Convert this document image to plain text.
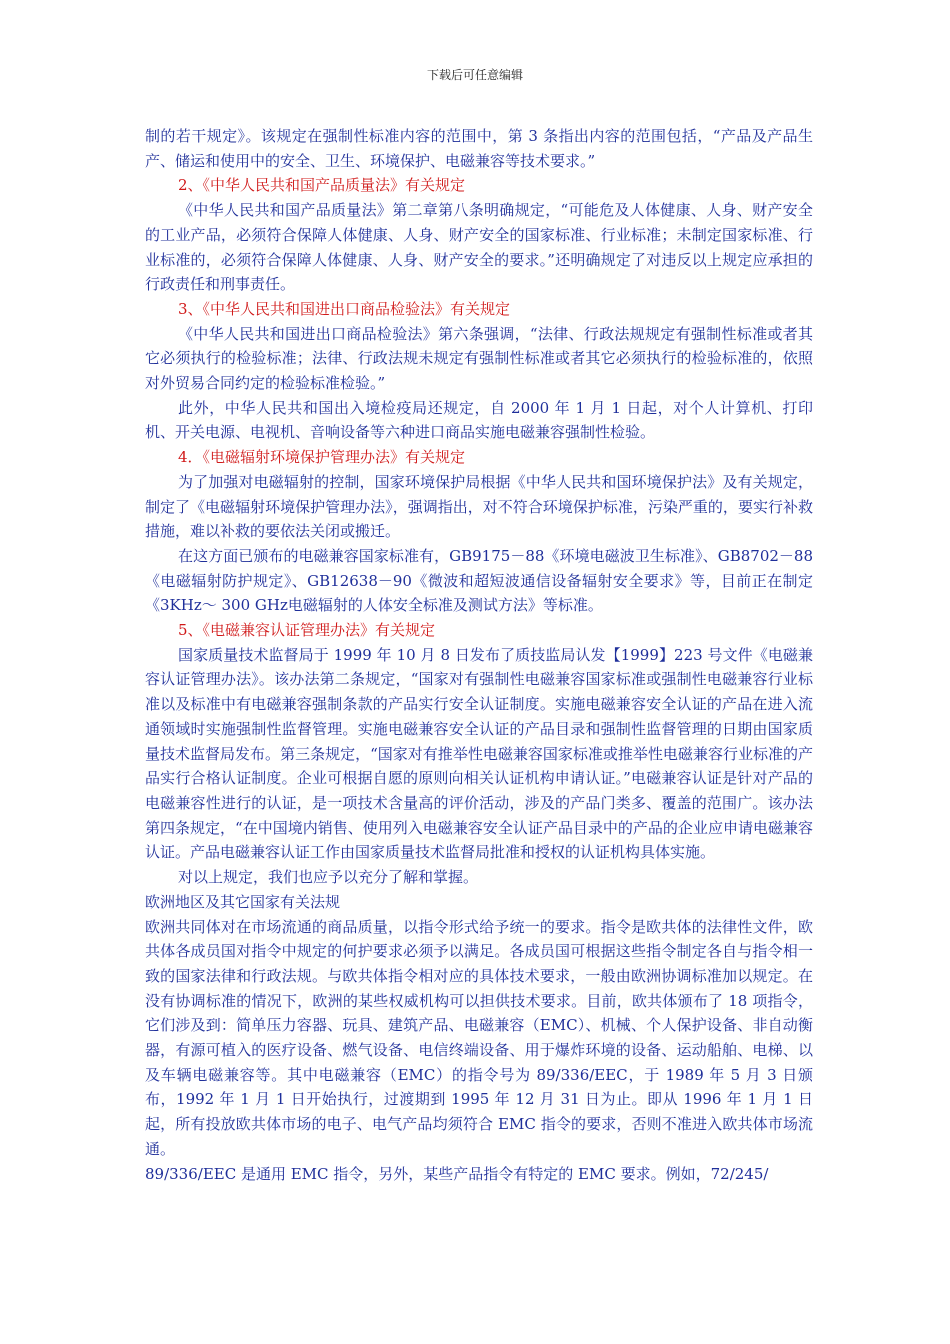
下载后可任意编辑

制的若干规定》。该规定在强制性标准内容的范围中，第 3 条指出内容的范围包括，“产品及产品生产、储运和使用中的安全、卫生、环境保护、电磁兼容等技术要求。”

2、《中华人民共和国产品质量法》有关规定

《中华人民共和国产品质量法》第二章第八条明确规定，“可能危及人体健康、人身、财产安全的工业产品，必须符合保障人体健康、人身、财产安全的国家标准、行业标准；未制定国家标准、行业标准的，必须符合保障人体健康、人身、财产安全的要求。”还明确规定了对违反以上规定应承担的行政责任和刑事责任。

3、《中华人民共和国进出口商品检验法》有关规定

《中华人民共和国进出口商品检验法》第六条强调，“法律、行政法规规定有强制性标准或者其它必须执行的检验标准；法律、行政法规未规定有强制性标准或者其它必须执行的检验标准的，依照对外贸易合同约定的检验标准检验。”

此外，中华人民共和国出入境检疫局还规定，自 2000 年 1 月 1 日起，对个人计算机、打印机、开关电源、电视机、音响设备等六种进口商品实施电磁兼容强制性检验。

4．《电磁辐射环境保护管理办法》有关规定

为了加强对电磁辐射的控制，国家环境保护局根据《中华人民共和国环境保护法》及有关规定，制定了《电磁辐射环境保护管理办法》，强调指出，对不符合环境保护标准，污染严重的，要实行补救措施，难以补救的要依法关闭或搬迁。

在这方面已颁布的电磁兼容国家标准有，GB9175－88《环境电磁波卫生标准》、GB8702－88《电磁辐射防护规定》、GB12638－90《微波和超短波通信设备辐射安全要求》等，目前正在制定《3KHz～ 300 GHz电磁辐射的人体安全标准及测试方法》等标准。

5、《电磁兼容认证管理办法》有关规定

国家质量技术监督局于 1999 年 10 月 8 日发布了质技监局认发【1999】223 号文件《电磁兼容认证管理办法》。该办法第二条规定，“国家对有强制性电磁兼容国家标准或强制性电磁兼容行业标准以及标准中有电磁兼容强制条款的产品实行安全认证制度。实施电磁兼容安全认证的产品在进入流通领域时实施强制性监督管理。实施电磁兼容安全认证的产品目录和强制性监督管理的日期由国家质量技术监督局发布。第三条规定，“国家对有推举性电磁兼容国家标准或推举性电磁兼容行业标准的产品实行合格认证制度。企业可根据自愿的原则向相关认证机构申请认证。”电磁兼容认证是针对产品的电磁兼容性进行的认证，是一项技术含量高的评价活动，涉及的产品门类多、覆盖的范围广。该办法第四条规定，“在中国境内销售、使用列入电磁兼容安全认证产品目录中的产品的企业应申请电磁兼容认证。产品电磁兼容认证工作由国家质量技术监督局批准和授权的认证机构具体实施。

对以上规定，我们也应予以充分了解和掌握。

欧洲地区及其它国家有关法规

欧洲共同体对在市场流通的商品质量，以指令形式给予统一的要求。指令是欧共体的法律性文件，欧共体各成员国对指令中规定的何护要求必须予以满足。各成员国可根据这些指令制定各自与指令相一致的国家法律和行政法规。与欧共体指令相对应的具体技术要求，一般由欧洲协调标准加以规定。在没有协调标准的情况下，欧洲的某些权威机构可以担供技术要求。目前，欧共体颁布了 18 项指令，它们涉及到：简单压力容器、玩具、建筑产品、电磁兼容（EMC）、机械、个人保护设备、非自动衡器，有源可植入的医疗设备、燃气设备、电信终端设备、用于爆炸环境的设备、运动船舶、电梯、以及车辆电磁兼容等。其中电磁兼容（EMC）的指令号为 89/336/EEC，于 1989 年 5 月 3 日颁布，1992 年 1 月 1 日开始执行，过渡期到 1995 年 12 月 31 日为止。即从 1996 年 1 月 1 日起，所有投放欧共体市场的电子、电气产品均须符合 EMC 指令的要求，否则不准进入欧共体市场流通。

89/336/EEC 是通用 EMC 指令，另外，某些产品指令有特定的 EMC 要求。例如，72/245/
